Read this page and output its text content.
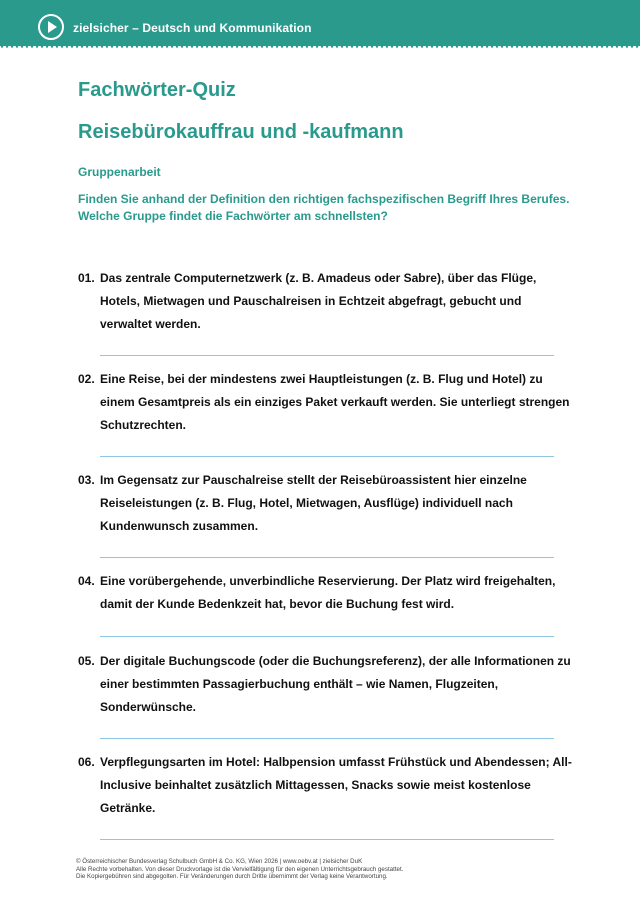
zielsicher – Deutsch und Kommunikation
Fachwörter-Quiz
Reisebürokauffrau und -kaufmann
Gruppenarbeit
Finden Sie anhand der Definition den richtigen fachspezifischen Begriff Ihres Berufes. Welche Gruppe findet die Fachwörter am schnellsten?
01. Das zentrale Computernetzwerk (z. B. Amadeus oder Sabre), über das Flüge, Hotels, Mietwagen und Pauschalreisen in Echtzeit abgefragt, gebucht und verwaltet werden.
02. Eine Reise, bei der mindestens zwei Hauptleistungen (z. B. Flug und Hotel) zu einem Gesamtpreis als ein einziges Paket verkauft werden. Sie unterliegt strengen Schutzrechten.
03. Im Gegensatz zur Pauschalreise stellt der Reisebüroassistent hier einzelne Reiseleistungen (z. B. Flug, Hotel, Mietwagen, Ausflüge) individuell nach Kundenwunsch zusammen.
04. Eine vorübergehende, unverbindliche Reservierung. Der Platz wird freigehalten, damit der Kunde Bedenkzeit hat, bevor die Buchung fest wird.
05. Der digitale Buchungscode (oder die Buchungsreferenz), der alle Informationen zu einer bestimmten Passagierbuchung enthält – wie Namen, Flugzeiten, Sonderwünsche.
06. Verpflegungsarten im Hotel: Halbpension umfasst Frühstück und Abendessen; All-Inclusive beinhaltet zusätzlich Mittagessen, Snacks sowie meist kostenlose Getränke.
© Österreichischer Bundesverlag Schulbuch GmbH & Co. KG, Wien 2026 | www.oebv.at | zielsicher DuK
Alle Rechte vorbehalten. Von dieser Druckvorlage ist die Vervielfältigung für den eigenen Unterrichtsgebrauch gestattet.
Die Kopiergebühren sind abgegolten. Für Veränderungen durch Dritte übernimmt der Verlag keine Verantwortung.
